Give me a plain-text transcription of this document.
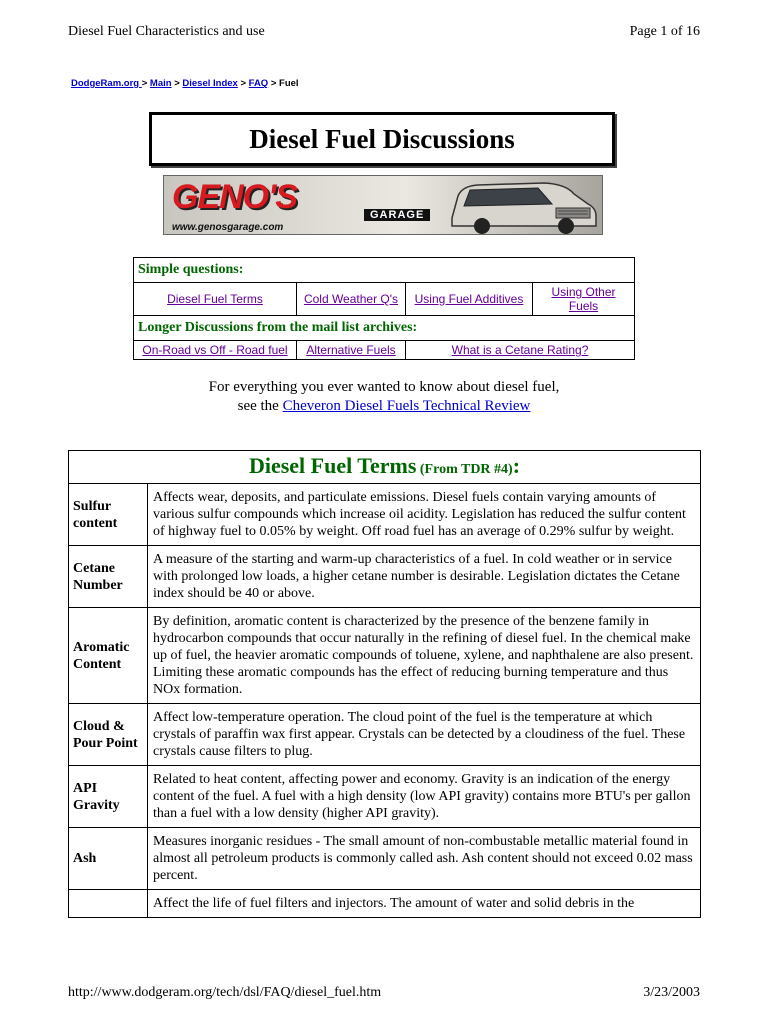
Diesel Fuel Characteristics and use	Page 1 of 16
DodgeRam.org > Main > Diesel Index > FAQ > Fuel
Diesel Fuel Discussions
GENO'S	GARAGE
www.genosgarage.com
Simple questions:			
Diesel Fuel Terms	Cold Weather Q's	Using Fuel Additives	Using Other Fuels
Longer Discussions from the mail list archives:			
On-Road vs Off - Road fuel	Alternative Fuels	What is a Cetane Rating?	
For everything you ever wanted to know about diesel fuel,
see the Cheveron Diesel Fuels Technical Review
Diesel Fuel Terms (From TDR #4):	
Sulfur content	Affects wear, deposits, and particulate emissions. Diesel fuels contain varying amounts of various sulfur compounds which increase oil acidity. Legislation has reduced the sulfur content of highway fuel to 0.05% by weight. Off road fuel has an average of 0.29% sulfur by weight.
Cetane Number	A measure of the starting and warm-up characteristics of a fuel. In cold weather or in service with prolonged low loads, a higher cetane number is desirable. Legislation dictates the Cetane index should be 40 or above.
Aromatic Content	By definition, aromatic content is characterized by the presence of the benzene family in hydrocarbon compounds that occur naturally in the refining of diesel fuel. In the chemical make up of fuel, the heavier aromatic compounds of toluene, xylene, and naphthalene are also present. Limiting these aromatic compounds has the effect of reducing burning temperature and thus NOx formation.
Cloud & Pour Point	Affect low-temperature operation. The cloud point of the fuel is the temperature at which crystals of paraffin wax first appear. Crystals can be detected by a cloudiness of the fuel. These crystals cause filters to plug.
API Gravity	Related to heat content, affecting power and economy. Gravity is an indication of the energy content of the fuel. A fuel with a high density (low API gravity) contains more BTU's per gallon than a fuel with a low density (higher API gravity).
Ash	Measures inorganic residues - The small amount of non-combustable metallic material found in almost all petroleum products is commonly called ash. Ash content should not exceed 0.02 mass percent.
	Affect the life of fuel filters and injectors. The amount of water and solid debris in the
http://www.dodgeram.org/tech/dsl/FAQ/diesel_fuel.htm	3/23/2003
